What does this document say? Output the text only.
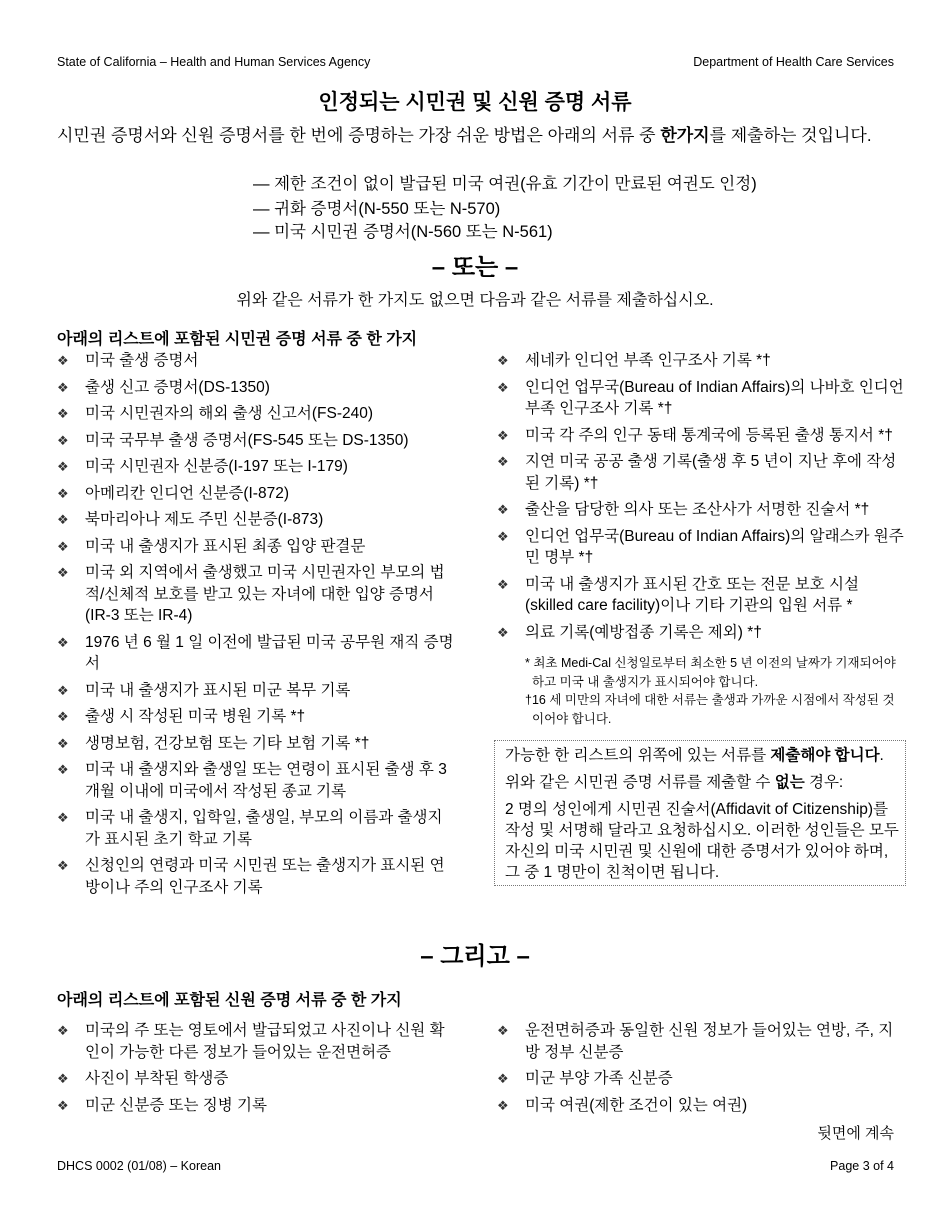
State of California – Health and Human Services Agency	Department of Health Care Services
인정되는 시민권 및 신원 증명 서류
시민권 증명서와 신원 증명서를 한 번에 증명하는 가장 쉬운 방법은 아래의 서류 중 한가지를 제출하는 것입니다.
— 제한 조건이 없이 발급된 미국 여권(유효 기간이 만료된 여권도 인정)
— 귀화 증명서(N-550 또는 N-570)
— 미국 시민권 증명서(N-560 또는 N-561)
– 또는 –
위와 같은 서류가 한 가지도 없으면 다음과 같은 서류를 제출하십시오.
아래의 리스트에 포함된 시민권 증명 서류 중 한 가지
❖ 미국 출생 증명서
❖ 출생 신고 증명서(DS-1350)
❖ 미국 시민권자의 해외 출생 신고서(FS-240)
❖ 미국 국무부 출생 증명서(FS-545 또는 DS-1350)
❖ 미국 시민권자 신분증(I-197 또는 I-179)
❖ 아메리칸 인디언 신분증(I-872)
❖ 북마리아나 제도 주민 신분증(I-873)
❖ 미국 내 출생지가 표시된 최종 입양 판결문
❖ 미국 외 지역에서 출생했고 미국 시민권자인 부모의 법적/신체적 보호를 받고 있는 자녀에 대한 입양 증명서(IR-3 또는 IR-4)
❖ 1976 년 6 월 1 일 이전에 발급된 미국 공무원 재직 증명서
❖ 미국 내 출생지가 표시된 미군 복무 기록
❖ 출생 시 작성된 미국 병원 기록 *†
❖ 생명보험, 건강보험 또는 기타 보험 기록 *†
❖ 미국 내 출생지와 출생일 또는 연령이 표시된 출생 후 3 개월 이내에 미국에서 작성된 종교 기록
❖ 미국 내 출생지, 입학일, 출생일, 부모의 이름과 출생지가 표시된 초기 학교 기록
❖ 신청인의 연령과 미국 시민권 또는 출생지가 표시된 연방이나 주의 인구조사 기록
❖ 세네카 인디언 부족 인구조사 기록 *†
❖ 인디언 업무국(Bureau of Indian Affairs)의 나바호 인디언 부족 인구조사 기록 *†
❖ 미국 각 주의 인구 동태 통계국에 등록된 출생 통지서 *†
❖ 지연 미국 공공 출생 기록(출생 후 5 년이 지난 후에 작성된 기록) *†
❖ 출산을 담당한 의사 또는 조산사가 서명한 진술서 *†
❖ 인디언 업무국(Bureau of Indian Affairs)의 알래스카 원주민 명부 *†
❖ 미국 내 출생지가 표시된 간호 또는 전문 보호 시설(skilled care facility)이나 기타 기관의 입원 서류 *
❖ 의료 기록(예방접종 기록은 제외) *†
* 최초 Medi-Cal 신청일로부터 최소한 5 년 이전의 날짜가 기재되어야 하고 미국 내 출생지가 표시되어야 합니다.
†16 세 미만의 자녀에 대한 서류는 출생과 가까운 시점에서 작성된 것이어야 합니다.

가능한 한 리스트의 위쪽에 있는 서류를 제출해야 합니다.

위와 같은 시민권 증명 서류를 제출할 수 없는 경우:

2 명의 성인에게 시민권 진술서(Affidavit of Citizenship)를 작성 및 서명해 달라고 요청하십시오. 이러한 성인들은 모두 자신의 미국 시민권 및 신원에 대한 증명서가 있어야 하며, 그 중 1 명만이 친척이면 됩니다.

– 그리고 –
아래의 리스트에 포함된 신원 증명 서류 중 한 가지
❖ 미국의 주 또는 영토에서 발급되었고 사진이나 신원 확인이 가능한 다른 정보가 들어있는 운전면허증
❖ 사진이 부착된 학생증
❖ 미군 신분증 또는 징병 기록
❖ 운전면허증과 동일한 신원 정보가 들어있는 연방, 주, 지방 정부 신분증
❖ 미군 부양 가족 신분증
❖ 미국 여권(제한 조건이 있는 여권)
뒷면에 계속
DHCS 0002 (01/08) – Korean	Page 3 of 4
